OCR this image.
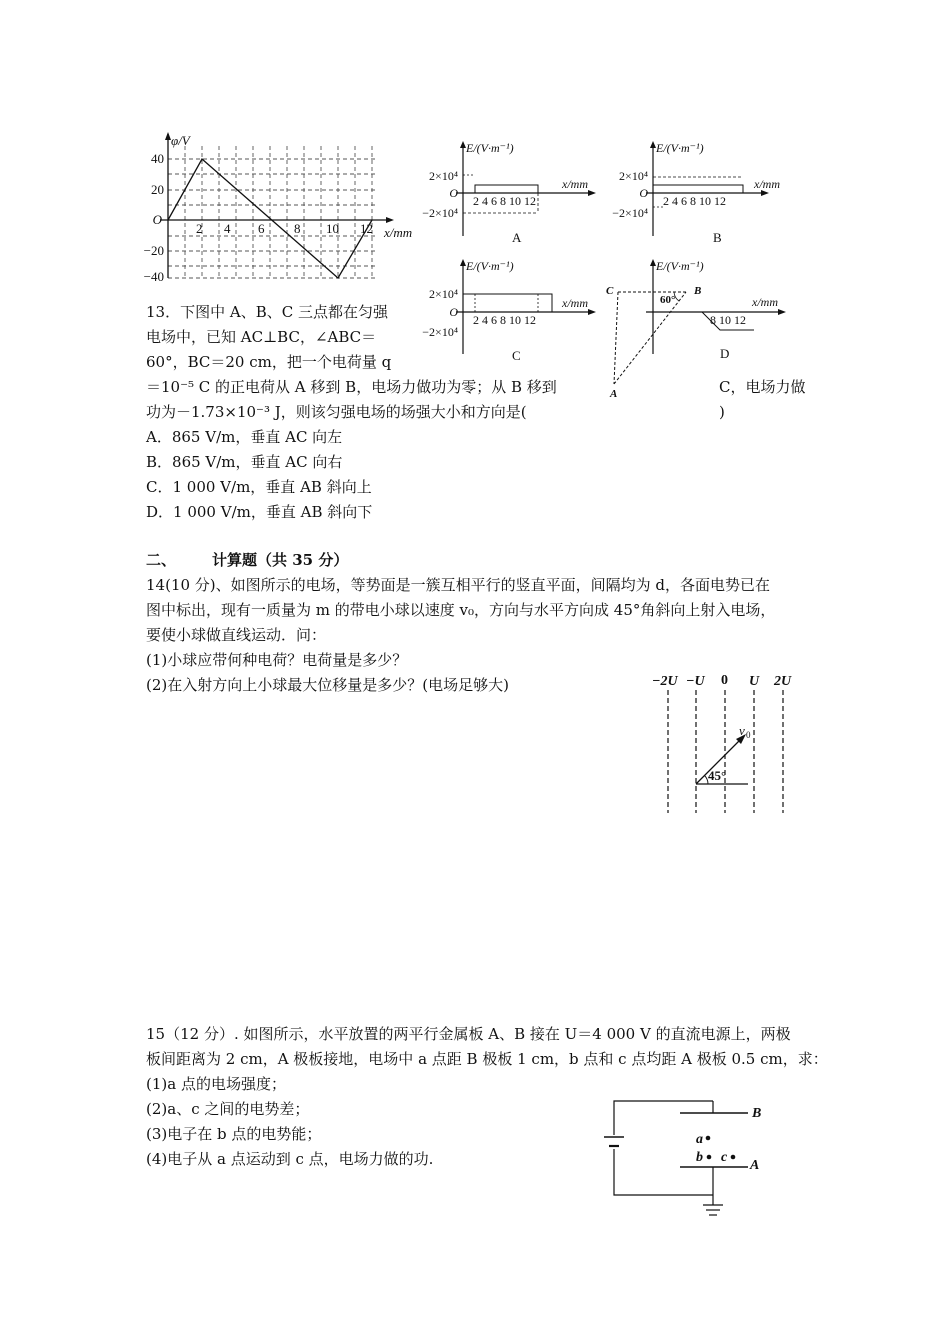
φ/V
40
20
O
−20
−40
2 4 6 8 10 12 x/mm
E/(V·m⁻¹)
2×10⁴
O
−2×10⁴
2 4 6 8 10 12
x/mm
A
E/(V·m⁻¹)
2×10⁴
O
−2×10⁴
2 4 6 8 10 12
x/mm
B
E/(V·m⁻¹)
2×10⁴
O
−2×10⁴
2 4 6 8 10 12
x/mm
C
E/(V·m⁻¹)
8 10 12
x/mm
D
C	B
A
60°
13．下图中 A、B、C 三点都在匀强
电场中，已知 AC⊥BC，∠ABC＝
60°，BC＝20 cm，把一个电荷量 q
＝10⁻⁵ C 的正电荷从 A 移到 B，电场力做功为零；从 B 移到	C，电场力做
功为－1.73×10⁻³ J，则该匀强电场的场强大小和方向是(	)
A．865 V/m，垂直 AC 向左
B．865 V/m，垂直 AC 向右
C．1 000 V/m，垂直 AB 斜向上
D．1 000 V/m，垂直 AB 斜向下
二、 计算题（共 35 分）
14(10 分)、如图所示的电场，等势面是一簇互相平行的竖直平面，间隔均为 d，各面电势已在
图中标出，现有一质量为 m 的带电小球以速度 v₀，方向与水平方向成 45°角斜向上射入电场，
要使小球做直线运动．问：
(1)小球应带何种电荷？电荷量是多少？
(2)在入射方向上小球最大位移量是多少？(电场足够大)	−2U −U 0 U 2U
v 0
45°
15（12 分）. 如图所示，水平放置的两平行金属板 A、B 接在 U＝4 000 V 的直流电源上，两极
板间距离为 2 cm，A 极板接地，电场中 a 点距 B 极板 1 cm，b 点和 c 点均距 A 极板 0.5 cm，求：
(1)a 点的电场强度；
(2)a、c 之间的电势差；
(3)电子在 b 点的电势能；
(4)电子从 a 点运动到 c 点，电场力做的功.
B
A
a
b c
